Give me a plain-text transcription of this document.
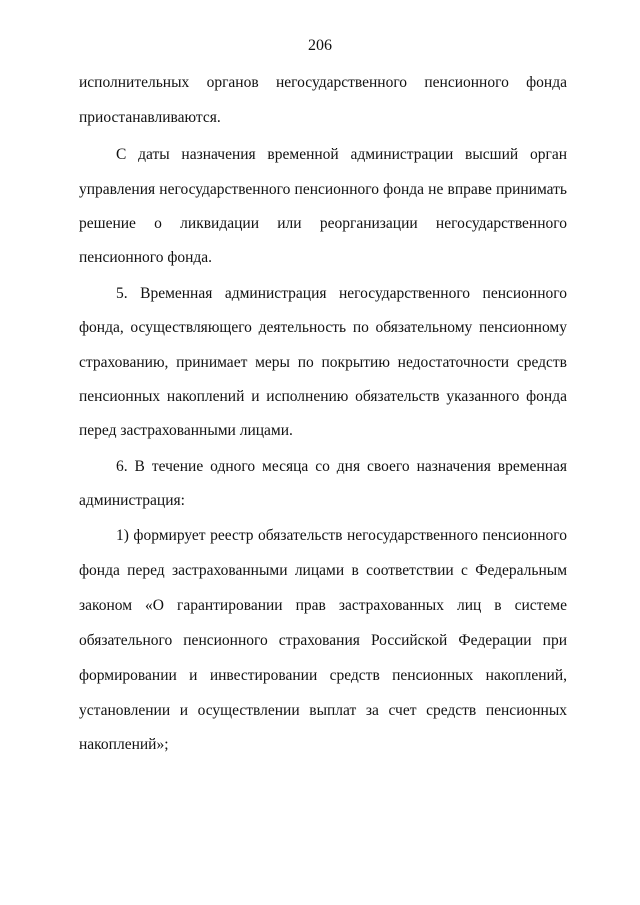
206
исполнительных органов негосударственного пенсионного фонда
приостанавливаются.
С даты назначения временной администрации высший орган
управления негосударственного пенсионного фонда не вправе принимать
решение о ликвидации или реорганизации негосударственного
пенсионного фонда.
5. Временная администрация негосударственного пенсионного
фонда, осуществляющего деятельность по обязательному пенсионному
страхованию, принимает меры по покрытию недостаточности средств
пенсионных накоплений и исполнению обязательств указанного фонда
перед застрахованными лицами.
6. В течение одного месяца со дня своего назначения временная
администрация:
1) формирует реестр обязательств негосударственного пенсионного
фонда перед застрахованными лицами в соответствии с Федеральным
законом «О гарантировании прав застрахованных лиц в системе
обязательного пенсионного страхования Российской Федерации при
формировании и инвестировании средств пенсионных накоплений,
установлении и осуществлении выплат за счет средств пенсионных
накоплений»;
